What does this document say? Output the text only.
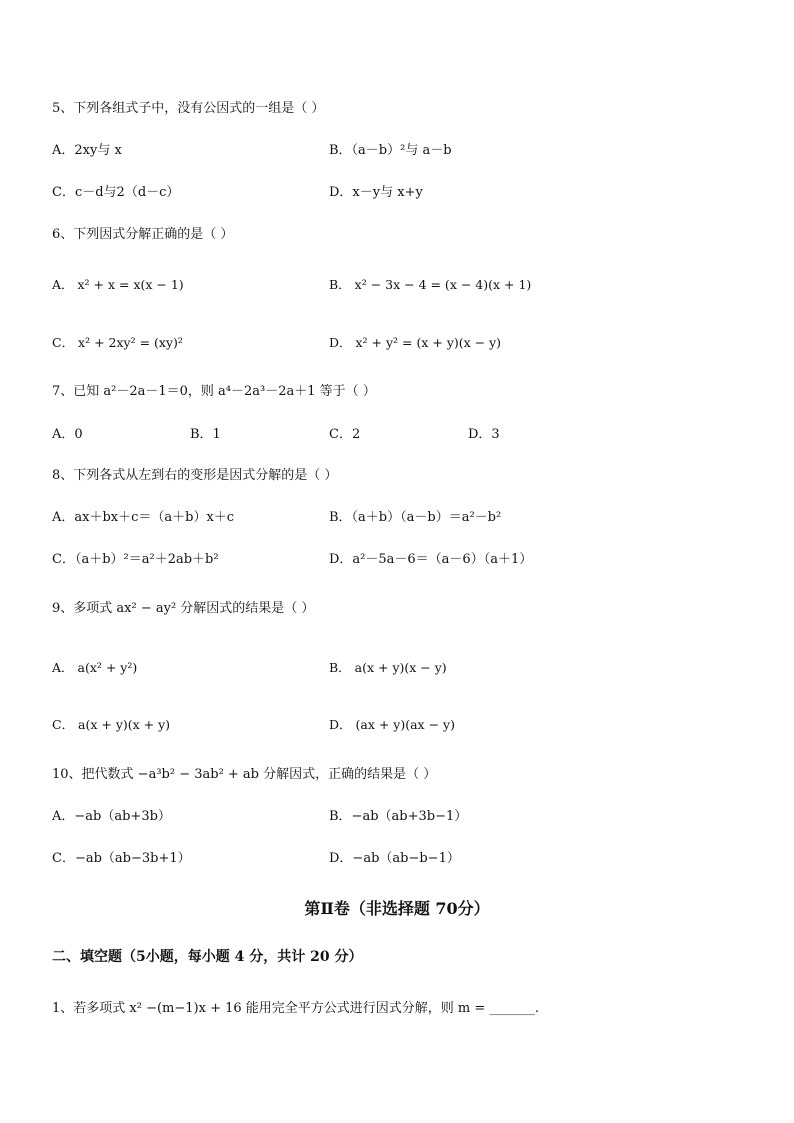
5、下列各组式子中，没有公因式的一组是（ ）
A．2xy与 x	B．（a－b）²与 a－b
C．c－d与2（d－c）	D．x－y与 x+y
6、下列因式分解正确的是（ ）
A． x² + x = x(x − 1)	B． x² − 3x − 4 = (x − 4)(x + 1)
C． x² + 2xy² = (xy)²	D． x² + y² = (x + y)(x − y)
7、已知 a²－2a－1＝0，则 a⁴－2a³－2a＋1 等于（ ）
A．0	B．1	C．2	D．3
8、下列各式从左到右的变形是因式分解的是（ ）
A．ax＋bx＋c＝（a＋b）x＋c	B．（a＋b）（a－b）＝a²－b²
C．（a＋b）²＝a²＋2ab＋b²	D．a²－5a－6＝（a－6）（a＋1）
9、多项式 ax² − ay² 分解因式的结果是（ ）
A． a(x² + y²)	B． a(x + y)(x − y)
C． a(x + y)(x + y)	D． (ax + y)(ax − y)
10、把代数式 −a³b² − 3ab² + ab 分解因式，正确的结果是（ ）
A．−ab（ab+3b）	B．−ab（ab+3b−1）
C．−ab（ab−3b+1）	D．−ab（ab−b−1）
第Ⅱ卷（非选择题 70分）
二、填空题（5小题，每小题 4 分，共计 20 分）
1、若多项式 x² −(m−1)x + 16 能用完全平方公式进行因式分解，则 m = _______.
